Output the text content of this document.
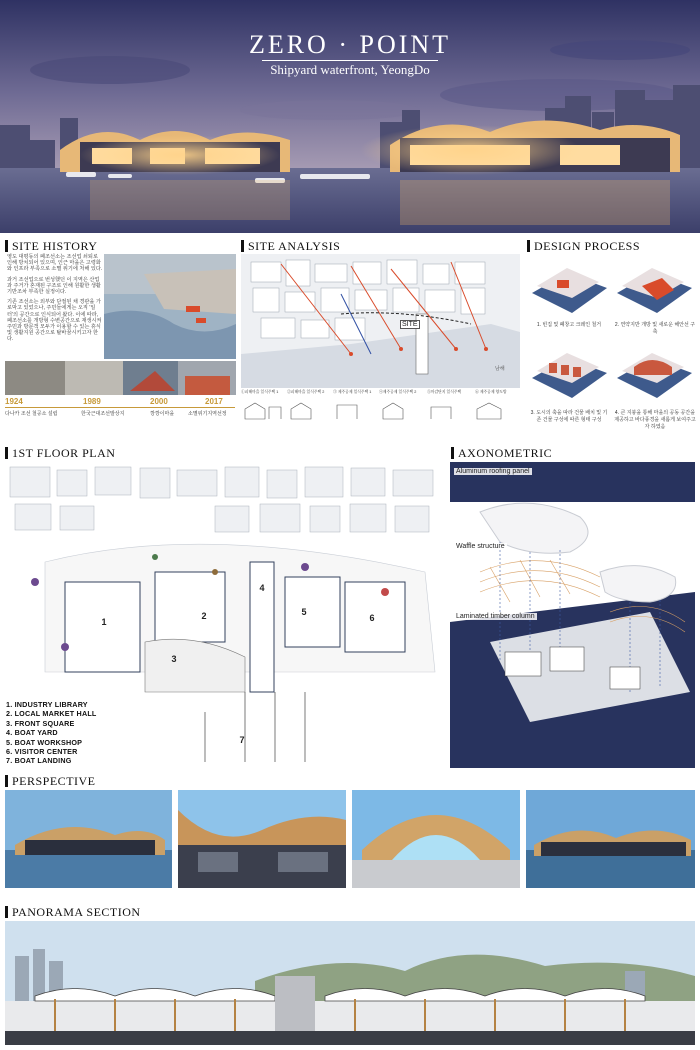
ZERO · POINT
Shipyard waterfront, YeongDo
SITE HISTORY

영도 대평동의 폐조선소는 조선업 쇠퇴로 인해 방치되어 있으며, 인근 마을은 고령화와 인프라 부족으로 소멸 위기에 처해 있다.

과거 조선업으로 번성했던 이 지역은 산업과 주거가 혼재된 구조로 인해 원활한 생활 기반조차 부족한 실정이다.

기존 조선소는 외부와 단절된 채 경관을 가로막고 있었으나, 주민들에게는 오직 '일터'의 공간으로 인식되어 왔다. 이에 따라, 폐조선소를 개방형 수변공간으로 재생시켜 주민과 방문객 모두가 이용할 수 있는 휴식 및 생활지원 공간으로 탈바꿈시키고자 한다.

1924	1989	2000	2017
다나카 조선 철공소 설립	한국근대조선발상지	깡깡이마을	소멸위기지역선정
SITE ANALYSIS
SITE
남해
①피해마을 일식주택 1 ②피해마을 일식주택 2 ③ 제주공제 일식주택 1 ④제주공제 일식주택 2	⑤마감단지 일식주택	⑥ 제주공제 양도방
DESIGN PROCESS
1. 빈집 및 폐창고 크레인 철거	2. 연약지반 개방 및 새로운 해안선 구축
3. 도시의 축을 따라 건물 배치 및 기존 건물 구성에 따른 형태 구성
4. 큰 지붕을 통해 마을의 공동 공간을 제공하고 바다풍경을 새롭게 보여주고자 하였음
1ST FLOOR PLAN
1
2
3
4
5
6
7
1. INDUSTRY LIBRARY
2. LOCAL MARKET HALL
3. FRONT SQUARE
4. BOAT YARD
5. BOAT WORKSHOP
6. VISITOR CENTER
7. BOAT LANDING
AXONOMETRIC
Aluminum roofing panel
Waffle structure
Laminated timber column
PERSPECTIVE
PANORAMA SECTION
